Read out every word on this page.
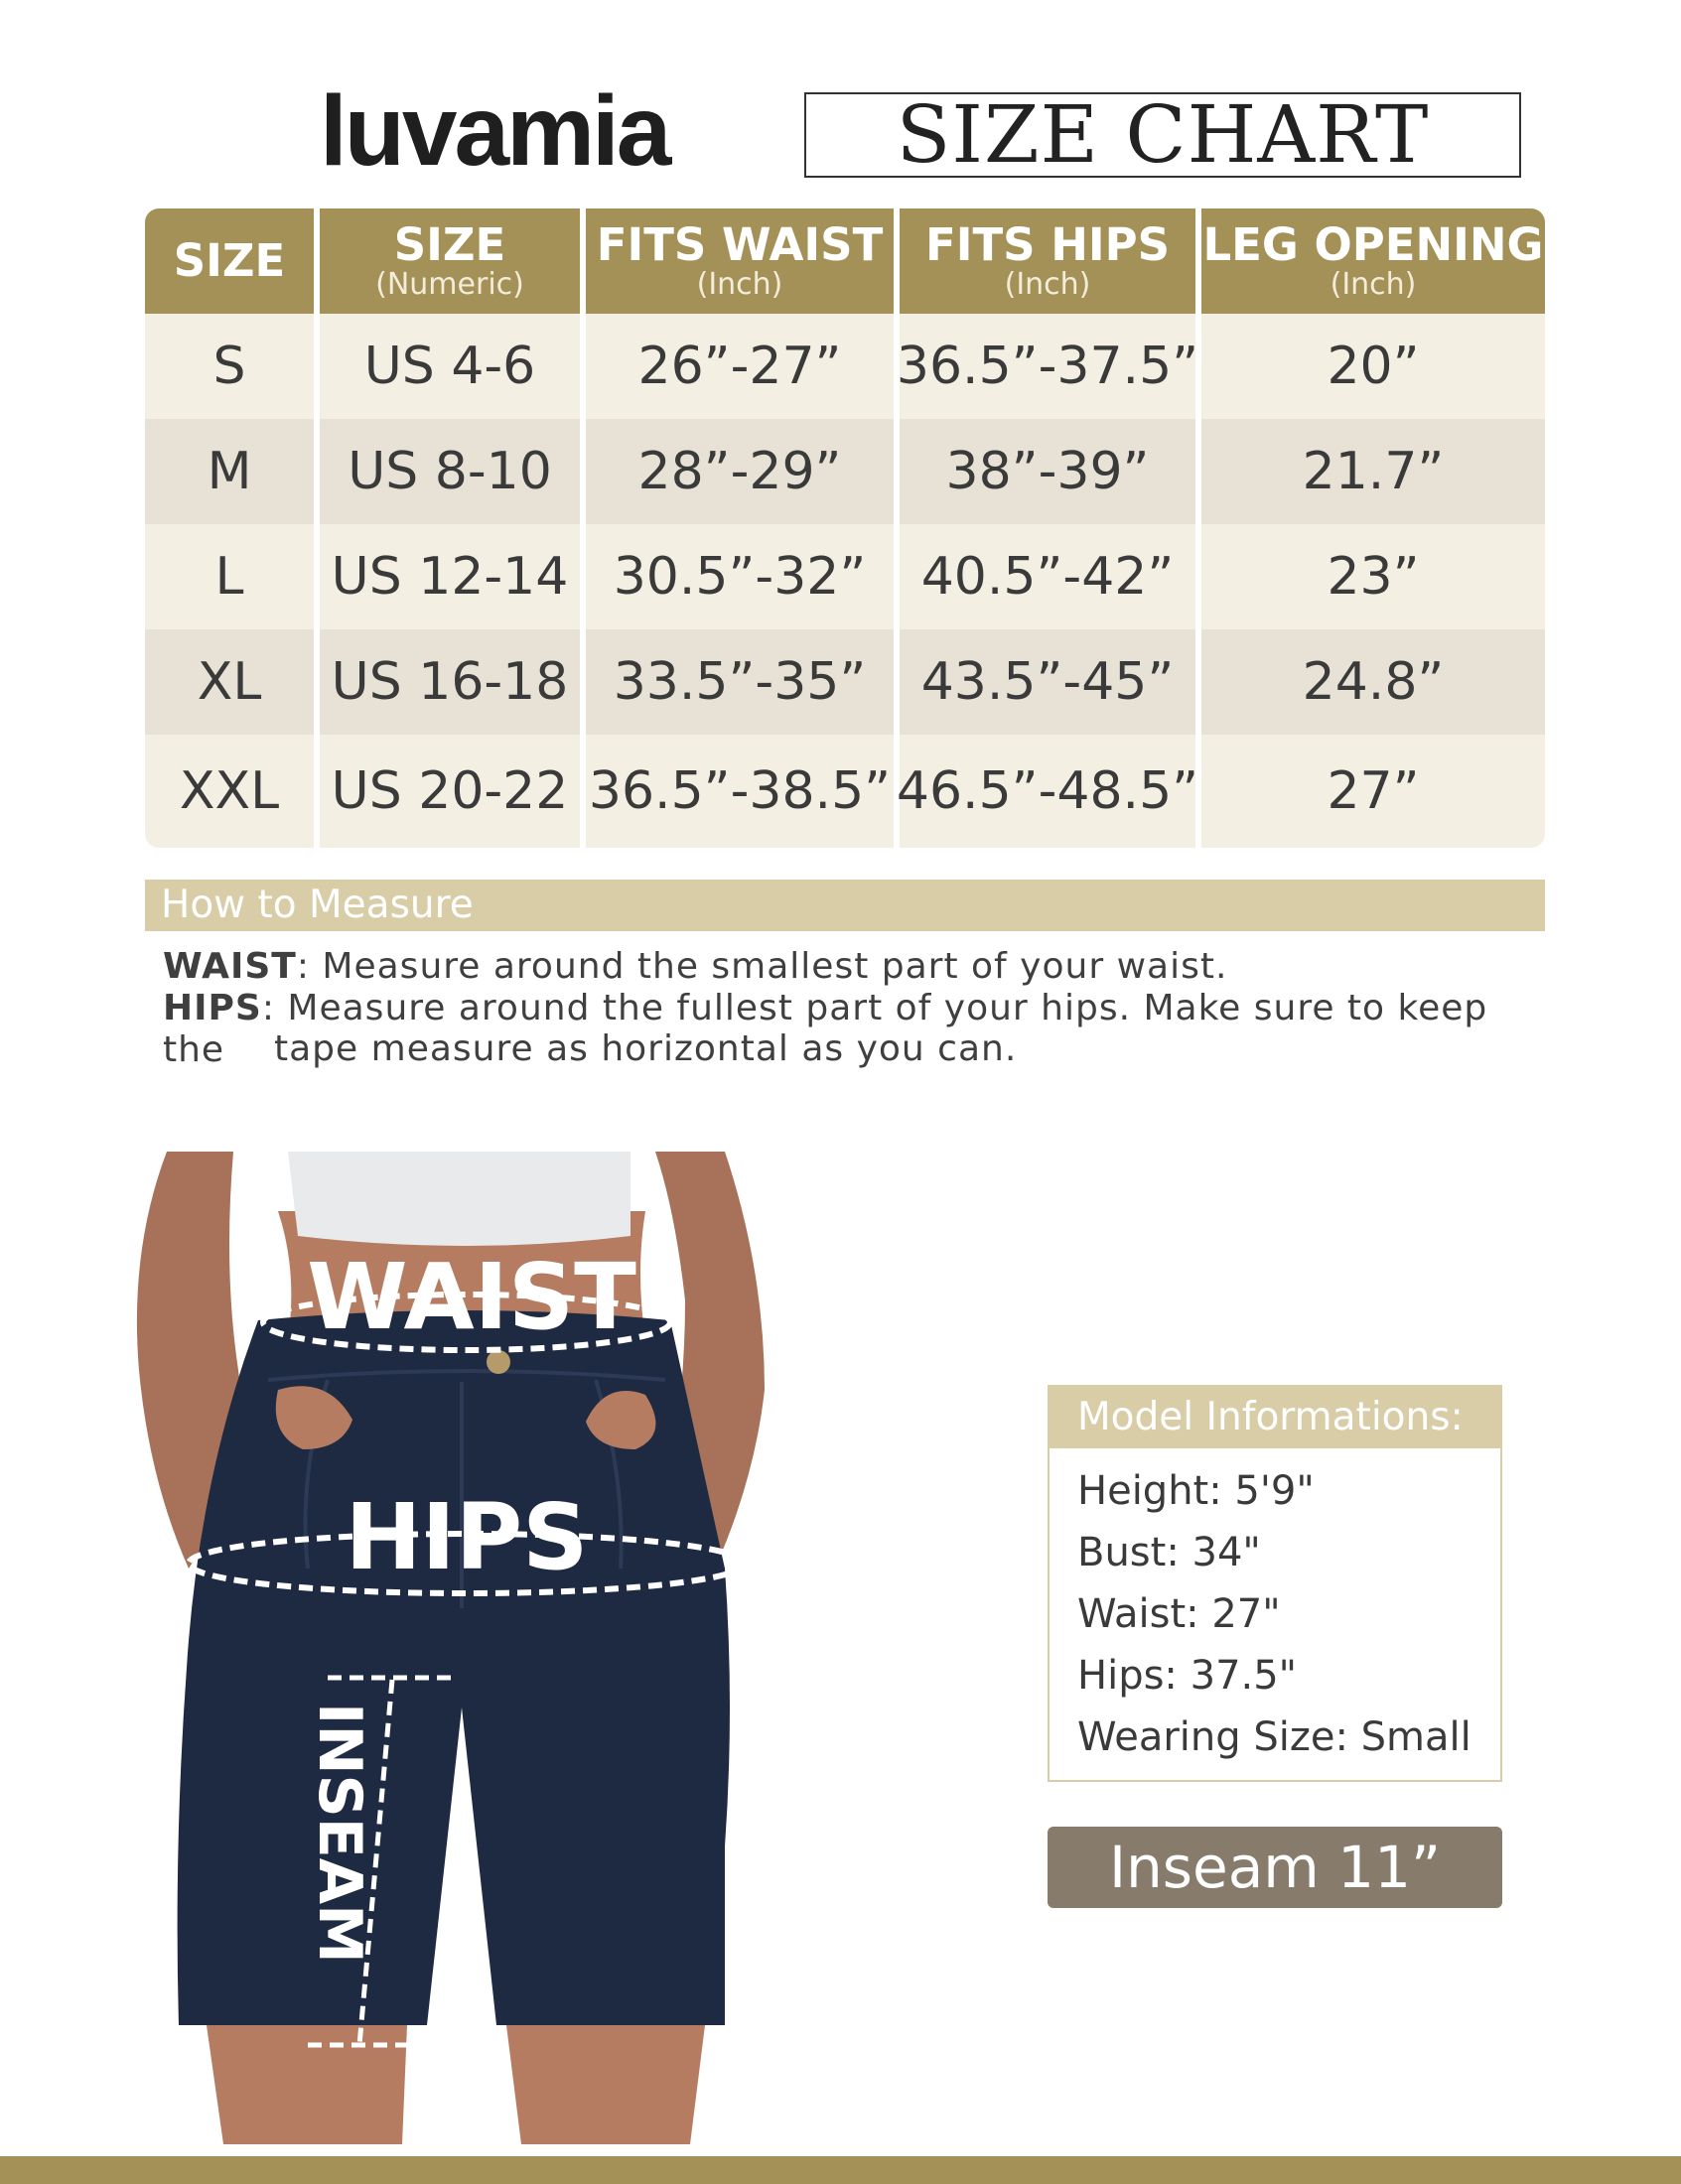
luvamia	SIZE CHART
SIZE
S
M
L
XL
XXL
SIZE
(Numeric)
US 4-6
US 8-10
US 12-14
US 16-18
US 20-22
FITS WAIST
(Inch)
26”-27”
28”-29”
30.5”-32”
33.5”-35”
36.5”-38.5”
FITS HIPS
(Inch)
36.5”-37.5”
38”-39”
40.5”-42”
43.5”-45”
46.5”-48.5”
LEG OPENING
(Inch)
20”
21.7”
23”
24.8”
27”
How to Measure
WAIST: Measure around the smallest part of your waist.
HIPS: Measure around the fullest part of your hips. Make sure to keep the	tape measure as horizontal as you can.
WAIST
HIPS
INSEAM
Model Informations:
Height: 5'9"
Bust: 34"
Waist: 27"
Hips: 37.5"
Wearing Size: Small
Inseam 11”
